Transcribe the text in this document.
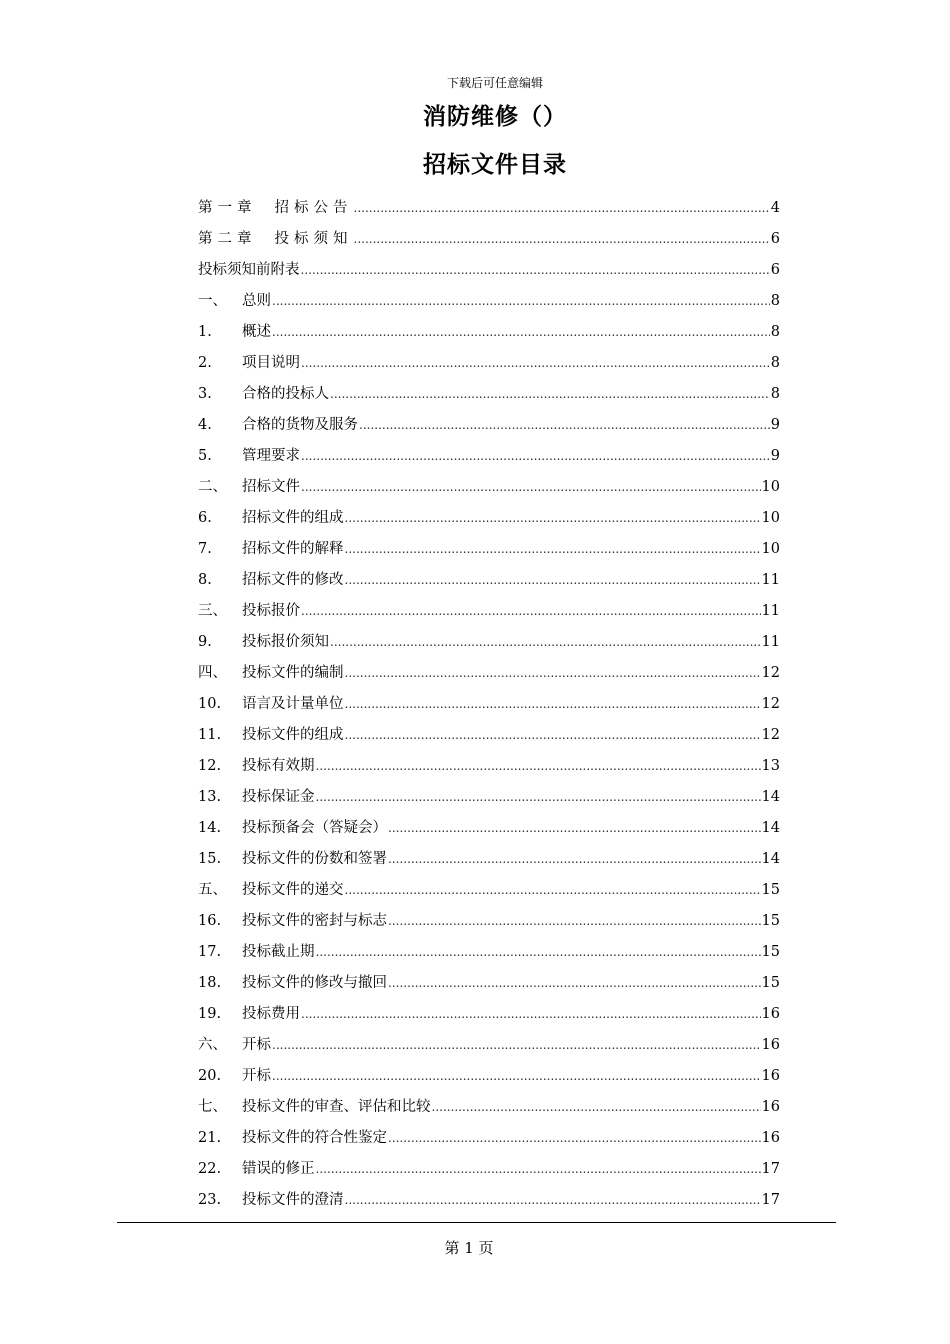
下载后可任意编辑
消防维修（）
招标文件目录
第一章 招标公告 .....	4
第二章 投标须知 .....	6
投标须知前附表 .....	6
一、	总则 .....	8
1.	概述 .....	8
2.	项目说明 .....	8
3.	合格的投标人 .....	8
4.	合格的货物及服务 .....	9
5.	管理要求 .....	9
二、	招标文件 .....	10
6.	招标文件的组成 .....	10
7.	招标文件的解释 .....	10
8.	招标文件的修改 .....	11
三、	投标报价 .....	11
9.	投标报价须知 .....	11
四、	投标文件的编制 .....	12
10.	语言及计量单位 .....	12
11.	投标文件的组成 .....	12
12.	投标有效期 .....	13
13.	投标保证金 .....	14
14.	投标预备会（答疑会） .....	14
15.	投标文件的份数和签署 .....	14
五、	投标文件的递交 .....	15
16.	投标文件的密封与标志 .....	15
17.	投标截止期 .....	15
18.	投标文件的修改与撤回 .....	15
19.	投标费用 .....	16
六、	开标 .....	16
20.	开标 .....	16
七、	投标文件的审查、评估和比较 .....	16
21.	投标文件的符合性鉴定 .....	16
22.	错误的修正 .....	17
23.	投标文件的澄清 .....	17
第 1 页
